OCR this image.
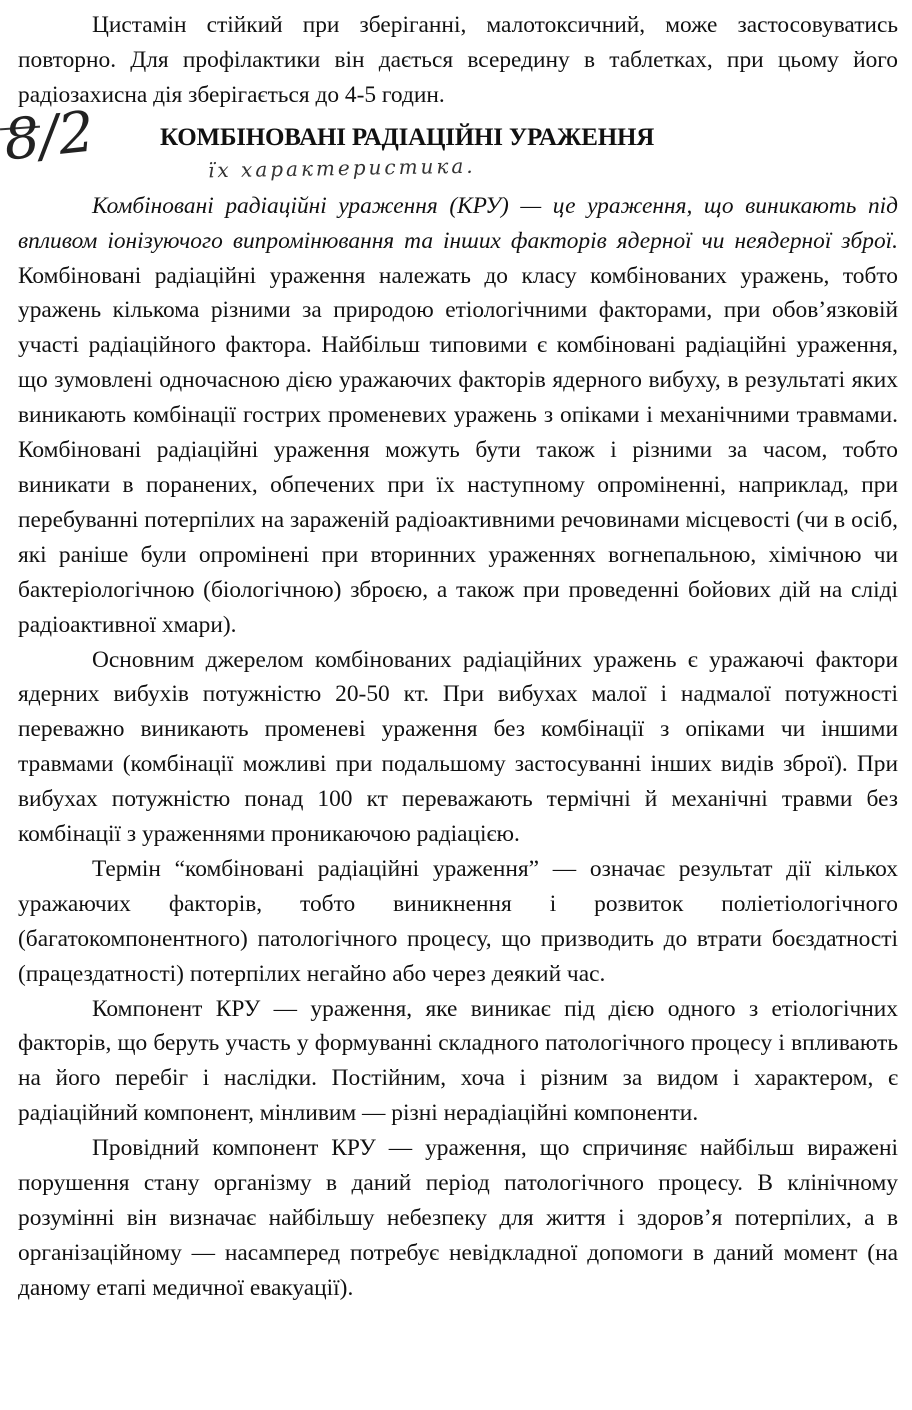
Цистамін стійкий при зберіганні, малотоксичний, може застосовуватись повторно. Для профілактики він дається всередину в таблетках, при цьому його радіозахисна дія зберігається до 4-5 годин.

8/2	КОМБІНОВАНІ РАДІАЦІЙНІ УРАЖЕННЯ
їх характеристика.

Комбіновані радіаційні ураження (КРУ) — це ураження, що виникають під впливом іонізуючого випромінювання та інших факторів ядерної чи неядерної зброї. Комбіновані радіаційні ураження належать до класу комбінованих уражень, тобто уражень кількома різними за природою етіологічними факторами, при обов’язковій участі радіаційного фактора. Найбільш типовими є комбіновані радіаційні ураження, що зумовлені одночасною дією уражаючих факторів ядерного вибуху, в результаті яких виникають комбінації гострих променевих уражень з опіками і механічними травмами. Комбіновані радіаційні ураження можуть бути також і різними за часом, тобто виникати в поранених, обпечених при їх наступному опроміненні, наприклад, при перебуванні потерпілих на зараженій радіоактивними речовинами місцевості (чи в осіб, які раніше були опромінені при вторинних ураженнях вогнепальною, хімічною чи бактеріологічною (біологічною) зброєю, а також при проведенні бойових дій на сліді радіоактивної хмари).

Основним джерелом комбінованих радіаційних уражень є уражаючі фактори ядерних вибухів потужністю 20-50 кт. При вибухах малої і надмалої потужності переважно виникають променеві ураження без комбінації з опіками чи іншими травмами (комбінації можливі при подальшому застосуванні інших видів зброї). При вибухах потужністю понад 100 кт переважають термічні й механічні травми без комбінації з ураженнями проникаючою радіацією.

Термін “комбіновані радіаційні ураження” — означає результат дії кількох уражаючих факторів, тобто виникнення і розвиток поліетіологічного (багатокомпонентного) патологічного процесу, що призводить до втрати боєздатності (працездатності) потерпілих негайно або через деякий час.

Компонент КРУ — ураження, яке виникає під дією одного з етіологічних факторів, що беруть участь у формуванні складного патологічного процесу і впливають на його перебіг і наслідки. Постійним, хоча і різним за видом і характером, є радіаційний компонент, мінливим — різні нерадіаційні компоненти.

Провідний компонент КРУ — ураження, що спричиняє найбільш виражені порушення стану організму в даний період патологічного процесу. В клінічному розумінні він визначає найбільшу небезпеку для життя і здоров’я потерпілих, а в організаційному — насамперед потребує невідкладної допомоги в даний момент (на даному етапі медичної евакуації).
